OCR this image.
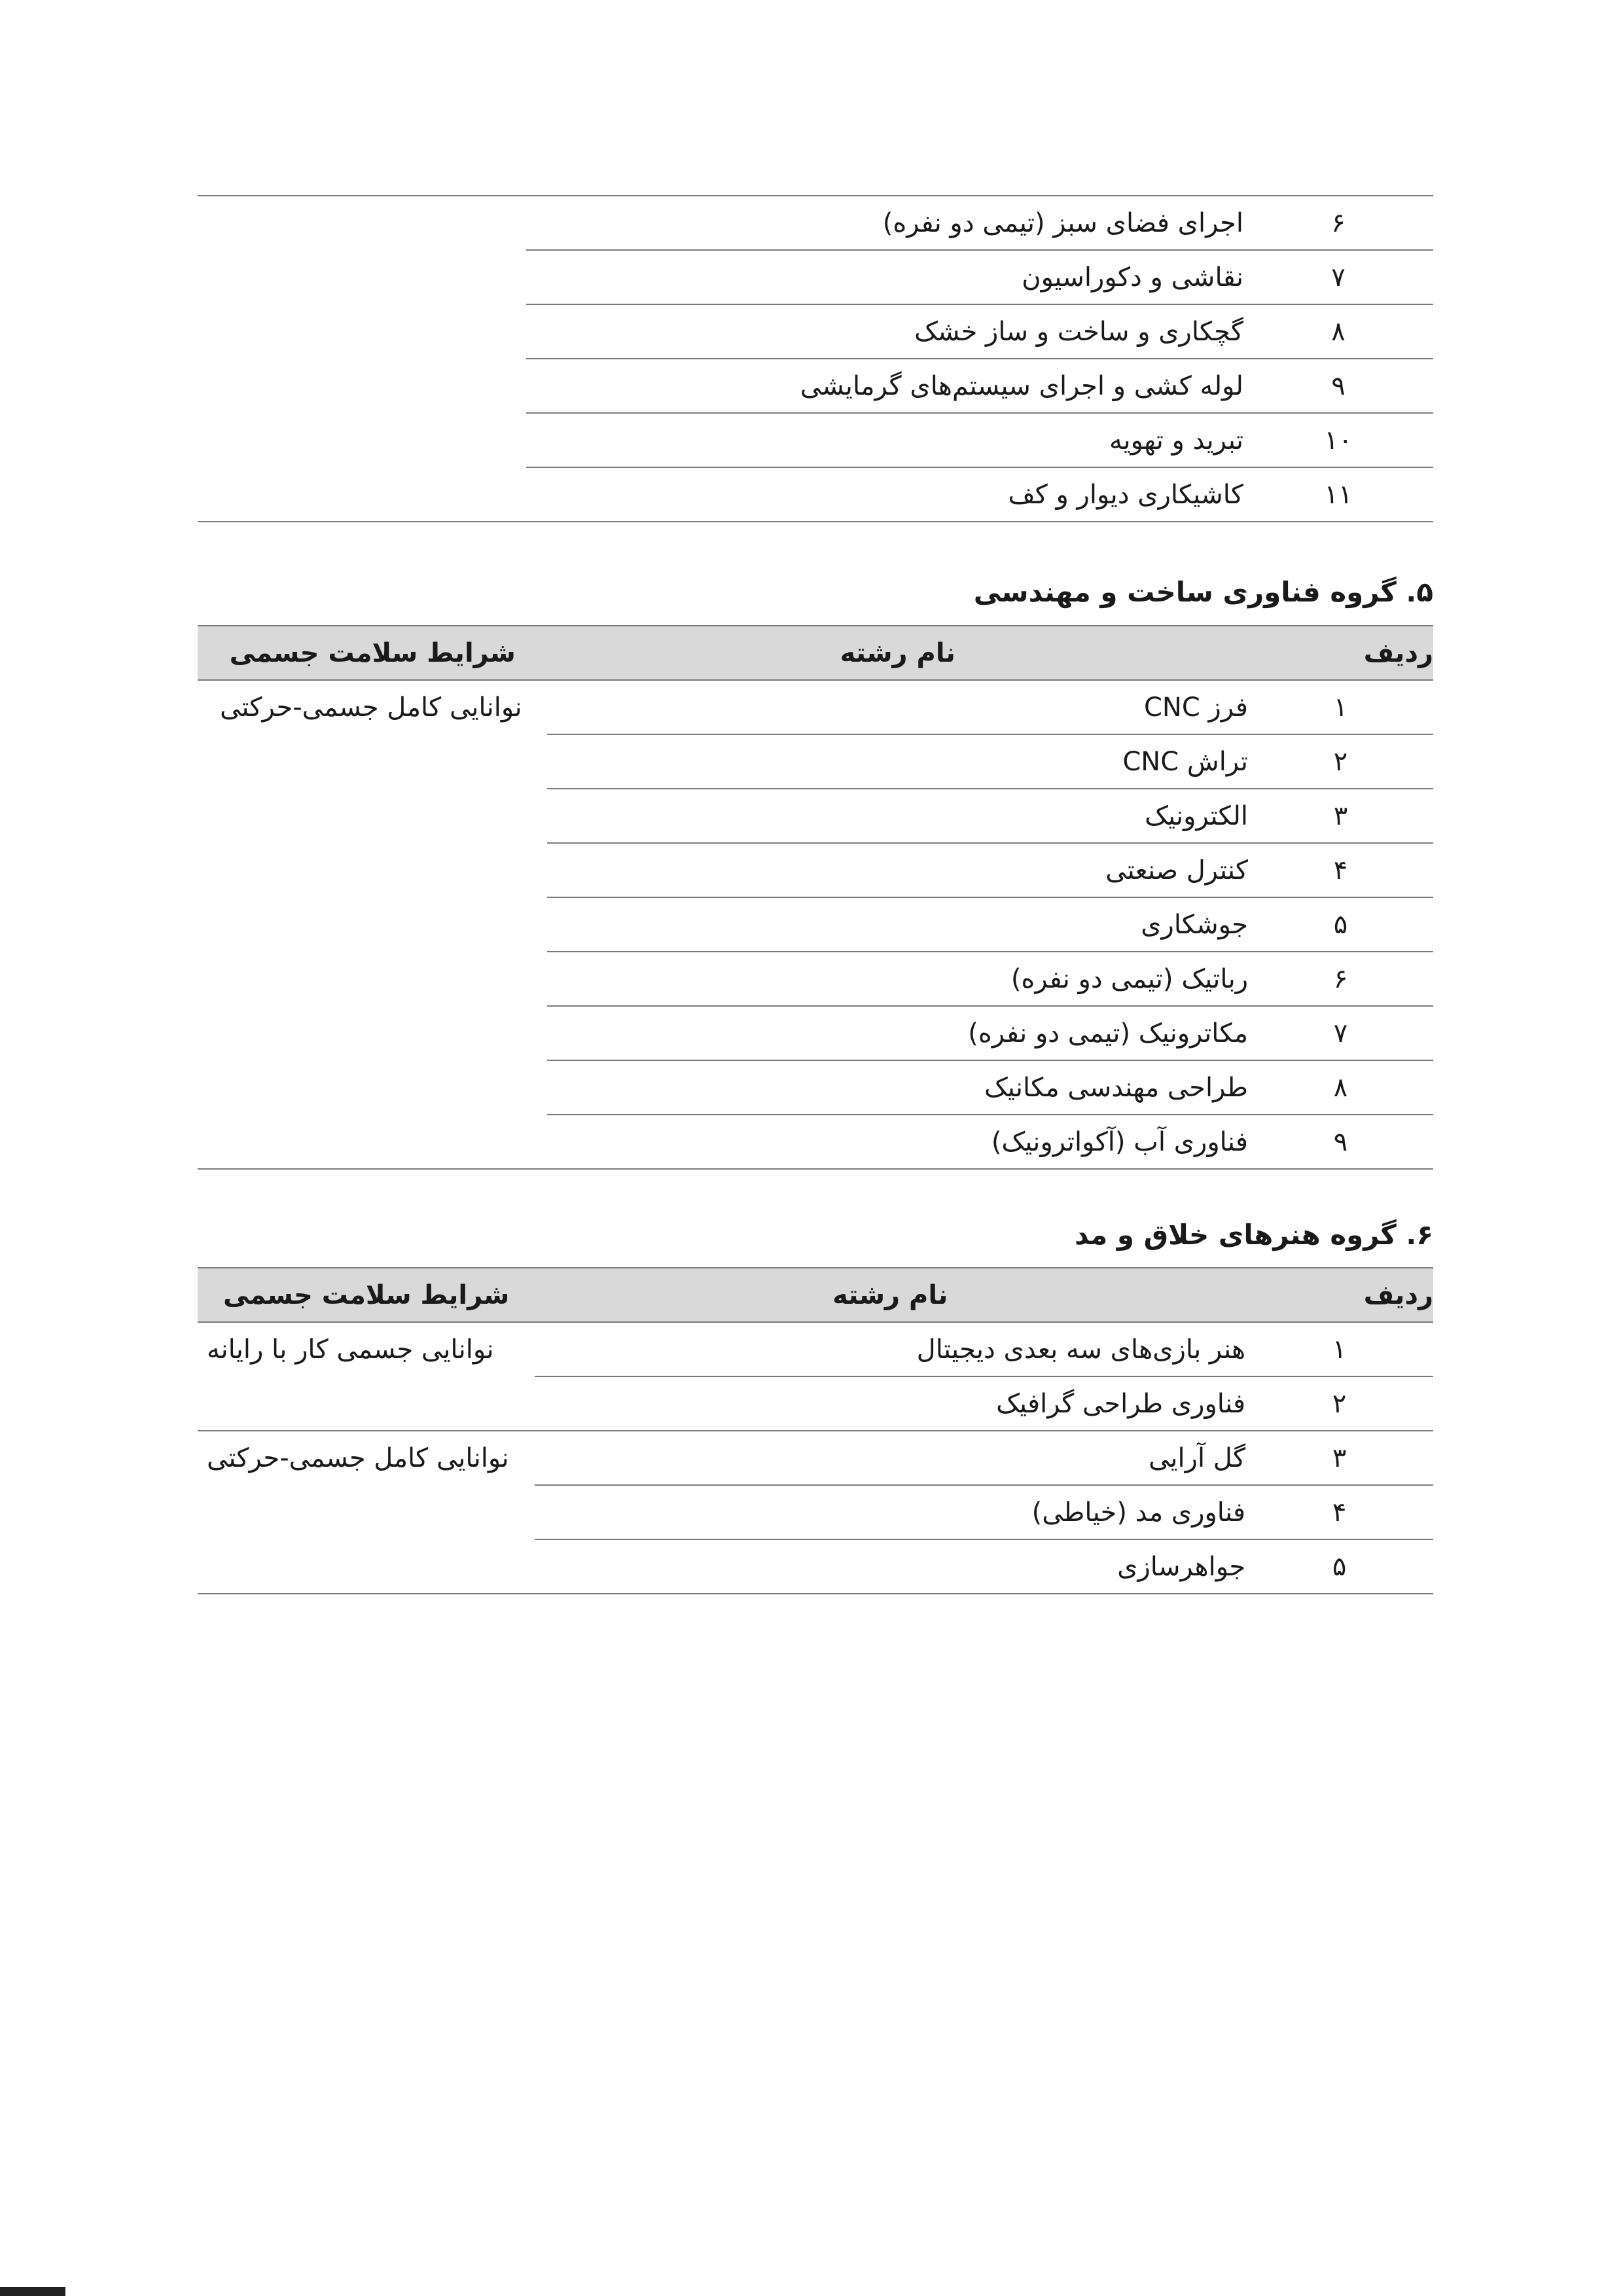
۶	اجرای فضای سبز (تیمی دو نفره)	
۷	نقاشی و دکوراسیون	
۸	گچکاری و ساخت و ساز خشک	
۹	لوله کشی و اجرای سیستم‌های گرمایشی	
۱۰	تبرید و تهویه	
۱۱	کاشیکاری دیوار و کف	
۵. گروه فناوری ساخت و مهندسی
ردیف	نام رشته	شرایط سلامت جسمی
۱	فرز CNC	نوانایی کامل جسمی-حرکتی
۲	تراش CNC	
۳	الکترونیک	
۴	کنترل صنعتی	
۵	جوشکاری	
۶	رباتیک (تیمی دو نفره)	
۷	مکاترونیک (تیمی دو نفره)	
۸	طراحی مهندسی مکانیک	
۹	فناوری آب (آکواترونیک)	
۶. گروه هنرهای خلاق و مد
ردیف	نام رشته	شرایط سلامت جسمی
۱	هنر بازی‌های سه بعدی دیجیتال	نوانایی جسمی کار با رایانه
۲	فناوری طراحی گرافیک	
۳	گل آرایی	نوانایی کامل جسمی-حرکتی
۴	فناوری مد (خیاطی)	
۵	جواهرسازی	
